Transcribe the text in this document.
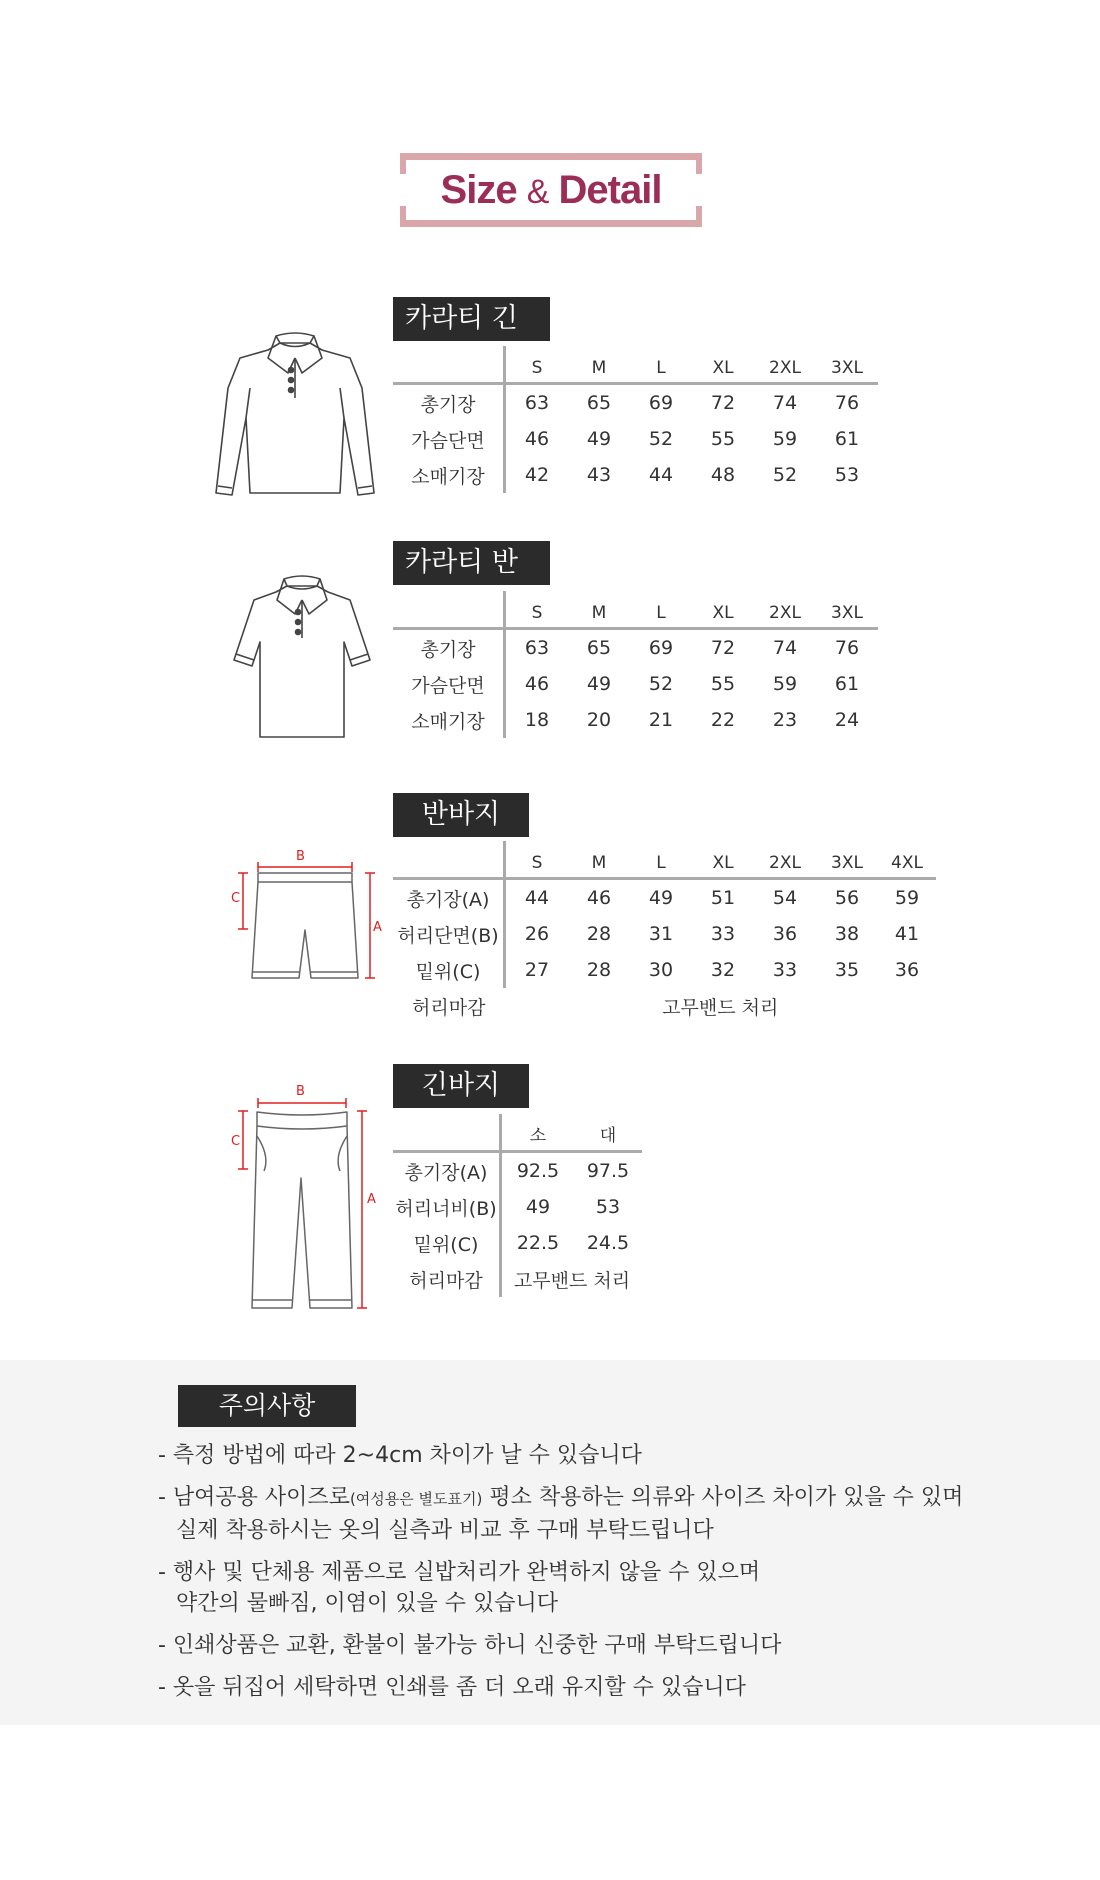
Size & Detail
카라티 긴팔
		S	M	L	XL	2XL	3XL
총기장	63	65	69	72	74	76
가슴단면	46	49	52	55	59	61
소매기장	42	43	44	48	52	53
카라티 반팔
		S	M	L	XL	2XL	3XL
총기장	63	65	69	72	74	76
가슴단면	46	49	52	55	59	61
소매기장	18	20	21	22	23	24
반바지
B
C
A
	S	M	L	XL	2XL	3XL	4XL
총기장(A)	44	46	49	51	54	56	59
허리단면(B)	26	28	31	33	36	38	41
밑위(C)	27	28	30	32	33	35	36
허리마감	고무밴드 처리						
긴바지
B
C
A
	소	대
총기장(A)	92.5	97.5
허리너비(B)	49	53
밑위(C)	22.5	24.5
허리마감	고무밴드 처리	
주의사항
- 측정 방법에 따라 2~4cm 차이가 날 수 있습니다
- 남여공용 사이즈로(여성용은 별도표기) 평소 착용하는 의류와 사이즈 차이가 있을 수 있며
실제 착용하시는 옷의 실측과 비교 후 구매 부탁드립니다
- 행사 및 단체용 제품으로 실밥처리가 완벽하지 않을 수 있으며
약간의 물빠짐, 이염이 있을 수 있습니다
- 인쇄상품은 교환, 환불이 불가능 하니 신중한 구매 부탁드립니다
- 옷을 뒤집어 세탁하면 인쇄를 좀 더 오래 유지할 수 있습니다
